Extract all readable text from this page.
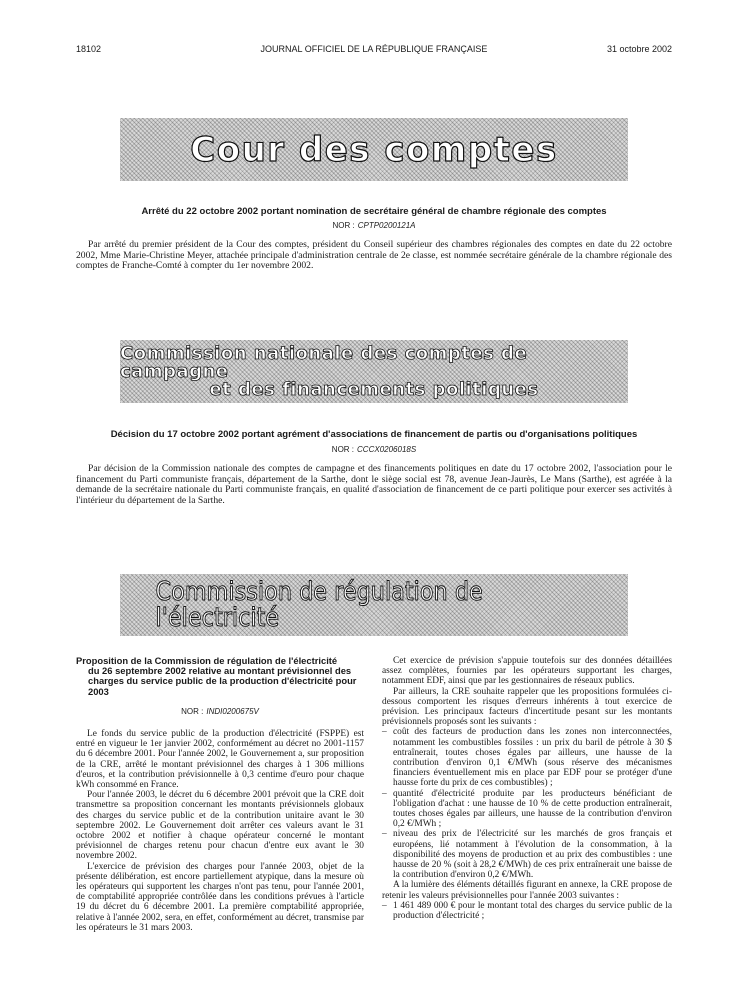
18102	JOURNAL OFFICIEL DE LA RÉPUBLIQUE FRANÇAISE	31 octobre 2002
Cour des comptes
Arrêté du 22 octobre 2002 portant nomination de secrétaire général de chambre régionale des comptes
NOR : CPTP0200121A

Par arrêté du premier président de la Cour des comptes, président du Conseil supérieur des chambres régionales des comptes en date du 22 octobre 2002, Mme Marie-Christine Meyer, attachée principale d'administration centrale de 2e classe, est nommée secrétaire générale de la chambre régionale des comptes de Franche-Comté à compter du 1er novembre 2002.

Commission nationale des comptes de campagne
et des financements politiques
Décision du 17 octobre 2002 portant agrément d'associations de financement de partis ou d'organisations politiques
NOR : CCCX0206018S

Par décision de la Commission nationale des comptes de campagne et des financements politiques en date du 17 octobre 2002, l'association pour le financement du Parti communiste français, département de la Sarthe, dont le siège social est 78, avenue Jean-Jaurès, Le Mans (Sarthe), est agréée à la demande de la secrétaire nationale du Parti communiste français, en qualité d'association de financement de ce parti politique pour exercer ses activités à l'intérieur du département de la Sarthe.

Commission de régulation de l'électricité
Proposition de la Commission de régulation de l'électricité
du 26 septembre 2002 relative au montant prévisionnel des charges du service public de la production d'électricité pour 2003
NOR : INDI0200675V

Le fonds du service public de la production d'électricité (FSPPE) est entré en vigueur le 1er janvier 2002, conformément au décret no 2001-1157 du 6 décembre 2001. Pour l'année 2002, le Gouvernement a, sur proposition de la CRE, arrêté le montant prévisionnel des charges à 1 306 millions d'euros, et la contribution prévisionnelle à 0,3 centime d'euro pour chaque kWh consommé en France.

Pour l'année 2003, le décret du 6 décembre 2001 prévoit que la CRE doit transmettre sa proposition concernant les montants prévisionnels globaux des charges du service public et de la contribution unitaire avant le 30 septembre 2002. Le Gouvernement doit arrêter ces valeurs avant le 31 octobre 2002 et notifier à chaque opérateur concerné le montant prévisionnel de charges retenu pour chacun d'entre eux avant le 30 novembre 2002.

L'exercice de prévision des charges pour l'année 2003, objet de la présente délibération, est encore partiellement atypique, dans la mesure où les opérateurs qui supportent les charges n'ont pas tenu, pour l'année 2001, de comptabilité appropriée contrôlée dans les conditions prévues à l'article 19 du décret du 6 décembre 2001. La première comptabilité appropriée, relative à l'année 2002, sera, en effet, conformément au décret, transmise par les opérateurs le 31 mars 2003.

Cet exercice de prévision s'appuie toutefois sur des données détaillées assez complètes, fournies par les opérateurs supportant les charges, notamment EDF, ainsi que par les gestionnaires de réseaux publics.

Par ailleurs, la CRE souhaite rappeler que les propositions formulées ci-dessous comportent les risques d'erreurs inhérents à tout exercice de prévision. Les principaux facteurs d'incertitude pesant sur les montants prévisionnels proposés sont les suivants :

– coût des facteurs de production dans les zones non interconnectées, notamment les combustibles fossiles : un prix du baril de pétrole à 30 $ entraînerait, toutes choses égales par ailleurs, une hausse de la contribution d'environ 0,1 €/MWh (sous réserve des mécanismes financiers éventuellement mis en place par EDF pour se protéger d'une hausse forte du prix de ces combustibles) ;
– quantité d'électricité produite par les producteurs bénéficiant de l'obligation d'achat : une hausse de 10 % de cette production entraînerait, toutes choses égales par ailleurs, une hausse de la contribution d'environ 0,2 €/MWh ;
– niveau des prix de l'électricité sur les marchés de gros français et européens, lié notamment à l'évolution de la consommation, à la disponibilité des moyens de production et au prix des combustibles : une hausse de 20 % (soit à 28,2 €/MWh) de ces prix entraînerait une baisse de la contribution d'environ 0,2 €/MWh.

A la lumière des éléments détaillés figurant en annexe, la CRE propose de retenir les valeurs prévisionnelles pour l'année 2003 suivantes :

– 1 461 489 000 € pour le montant total des charges du service public de la production d'électricité ;
